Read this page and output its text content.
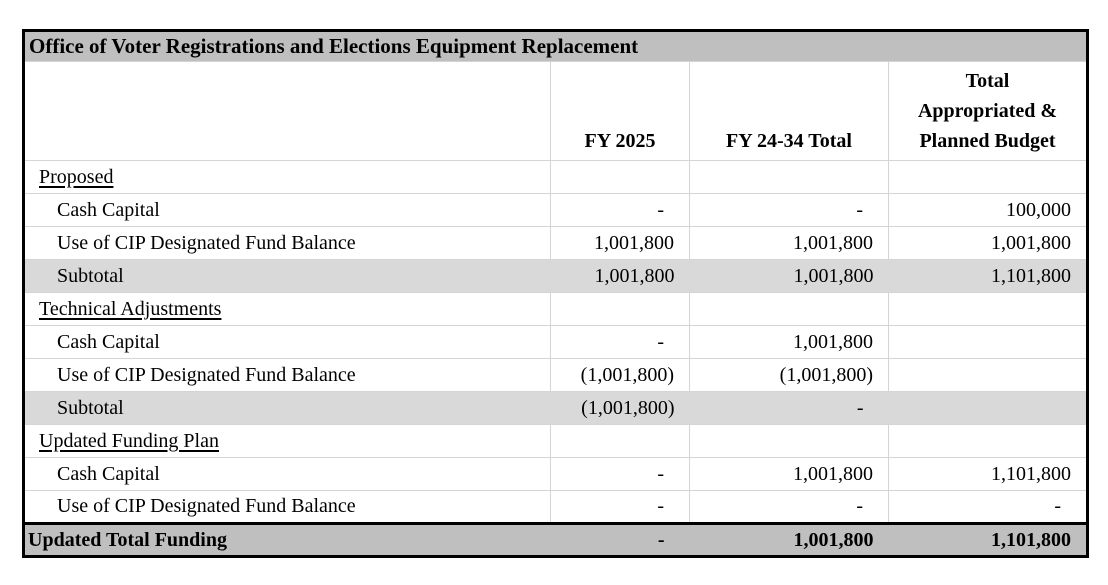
Office of Voter Registrations and Elections Equipment Replacement			
	FY 2025	FY 24-34 Total	Total
Appropriated &
Planned Budget
Proposed			
Cash Capital	-	-	100,000
Use of CIP Designated Fund Balance	1,001,800	1,001,800	1,001,800
Subtotal	1,001,800	1,001,800	1,101,800
Technical Adjustments			
Cash Capital	-	1,001,800	
Use of CIP Designated Fund Balance	(1,001,800)	(1,001,800)	
Subtotal	(1,001,800)	-	
Updated Funding Plan			
Cash Capital	-	1,001,800	1,101,800
Use of CIP Designated Fund Balance	-	-	-
Updated Total Funding	-	1,001,800	1,101,800
